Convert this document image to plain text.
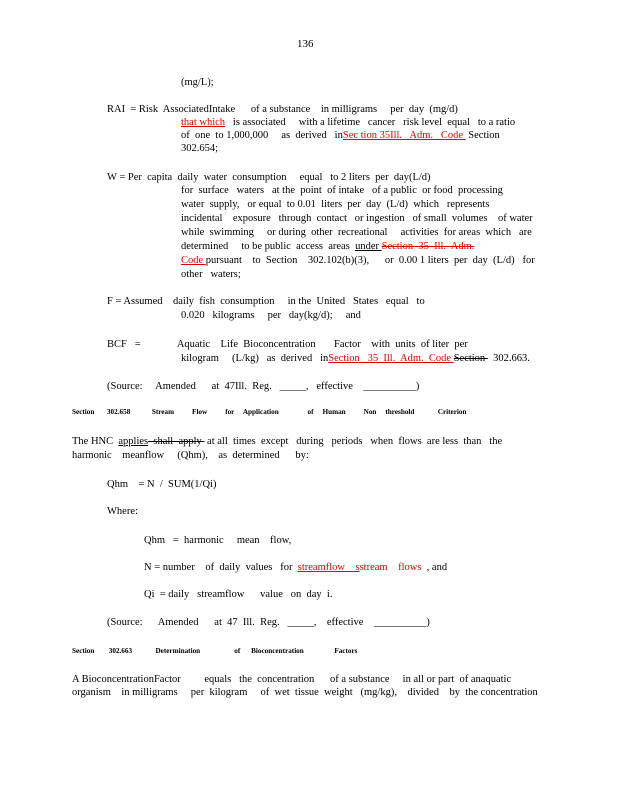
136
(mg/L);
RAI  = Risk  AssociatedIntake      of a substance    in milligrams     per  day  (mg/d)
that which   is associated     with a lifetime   cancer   risk level  equal   to a ratio
of  one  to 1,000,000     as  derived   inSec tion 35Ill.   Adm.   Code  Section
302.654;
W = Per  capita  daily  water  consumption     equal   to 2 liters  per  day(L/d)
for  surface   waters   at the  point  of intake   of a public  or food  processing
water  supply,   or equal  to 0.01  liters  per  day  (L/d)  which   represents
incidental    exposure   through  contact   or ingestion   of small  volumes    of water
while  swimming     or during  other  recreational     activities  for areas  which   are
determined     to be public  access  areas  under Section  35  Ill.  Adm.
Code pursuant    to  Section    302.102(b)(3),      or  0.00 1 liters  per  day  (L/d)   for
other   waters;
F = Assumed    daily  fish  consumption     in the  United   States   equal   to
0.020   kilograms     per   day(kg/d);     and
BCF   =              Aquatic    Life  Bioconcentration       Factor    with  units  of liter  per
kilogram     (L/kg)   as  derived   inSection   35  Ill.  Adm.  Code Section   302.663.
(Source:     Amended      at  47Ill.  Reg.   _____,   effective    __________)
Section       302.658            Stream          Flow          for     Application                of     Human          Non     threshold             Criterion
The HNC  applies  shall  apply  at all  times  except   during   periods   when  flows  are less  than   the
harmonic    meanflow     (Qhm),    as  determined      by:
Qhm    = N  /  SUM(1/Qi)
Where:
Qhm   =  harmonic     mean    flow,
N = number    of  daily  values   for  streamflow    sstream    flows  , and
Qi  = daily   streamflow      value   on  day  i.
(Source:      Amended      at  47  Ill.  Reg.   _____,    effective    __________)
Section        302.663             Determination                   of      Bioconcentration                 Factors
A BioconcentrationFactor         equals   the  concentration      of a substance     in all or part  of anaquatic
organism    in milligrams     per  kilogram     of  wet  tissue  weight   (mg/kg),    divided    by  the concentration
